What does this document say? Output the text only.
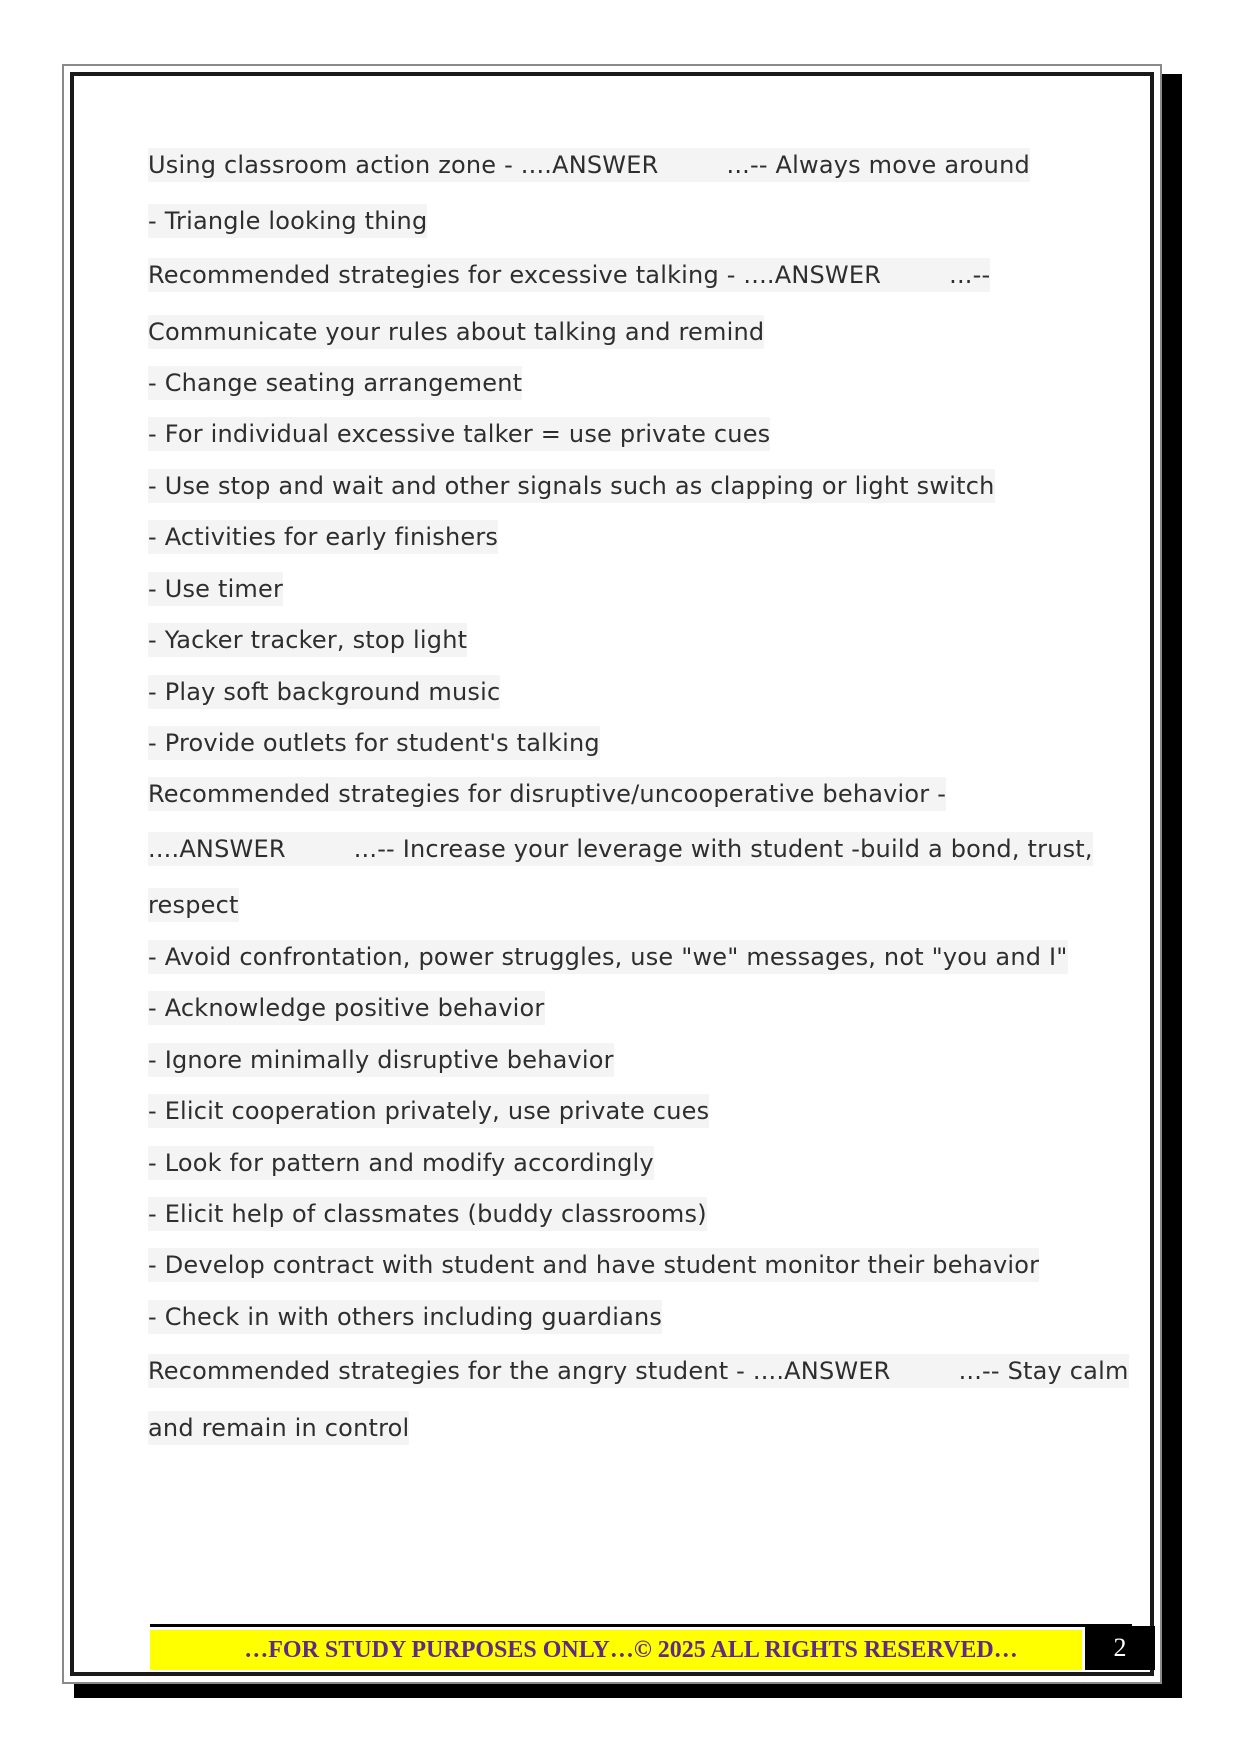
Using classroom action zone - ....ANSWER	...-- Always move around
- Triangle looking thing
Recommended strategies for excessive talking - ....ANSWER	...--
Communicate your rules about talking and remind
- Change seating arrangement
- For individual excessive talker = use private cues
- Use stop and wait and other signals such as clapping or light switch
- Activities for early finishers
- Use timer
- Yacker tracker, stop light
- Play soft background music
- Provide outlets for student's talking
Recommended strategies for disruptive/uncooperative behavior -
....ANSWER	...-- Increase your leverage with student -build a bond, trust,
respect
- Avoid confrontation, power struggles, use "we" messages, not "you and I"
- Acknowledge positive behavior
- Ignore minimally disruptive behavior
- Elicit cooperation privately, use private cues
- Look for pattern and modify accordingly
- Elicit help of classmates (buddy classrooms)
- Develop contract with student and have student monitor their behavior
- Check in with others including guardians
Recommended strategies for the angry student - ....ANSWER	...-- Stay calm
and remain in control
…FOR STUDY PURPOSES ONLY…© 2025 ALL RIGHTS RESERVED…	2
